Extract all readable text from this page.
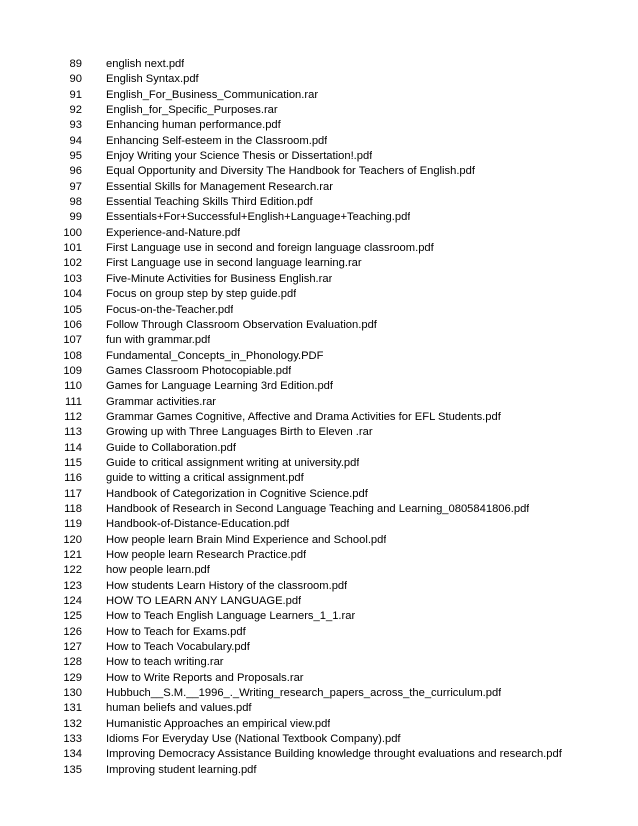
89 english next.pdf
90 English Syntax.pdf
91 English_For_Business_Communication.rar
92 English_for_Specific_Purposes.rar
93 Enhancing human performance.pdf
94 Enhancing Self-esteem in the Classroom.pdf
95 Enjoy Writing your Science Thesis or Dissertation!.pdf
96 Equal Opportunity and Diversity The Handbook for Teachers of English.pdf
97 Essential Skills for Management Research.rar
98 Essential Teaching Skills Third Edition.pdf
99 Essentials+For+Successful+English+Language+Teaching.pdf
100 Experience-and-Nature.pdf
101 First Language use in second and foreign language classroom.pdf
102 First Language use in second language learning.rar
103 Five-Minute Activities for Business English.rar
104 Focus on group step by step guide.pdf
105 Focus-on-the-Teacher.pdf
106 Follow Through Classroom Observation Evaluation.pdf
107 fun with grammar.pdf
108 Fundamental_Concepts_in_Phonology.PDF
109 Games Classroom Photocopiable.pdf
110 Games for Language Learning 3rd Edition.pdf
111 Grammar activities.rar
112 Grammar Games Cognitive, Affective and Drama Activities for EFL Students.pdf
113 Growing up with Three Languages Birth to Eleven .rar
114 Guide to Collaboration.pdf
115 Guide to critical assignment writing at university.pdf
116 guide to witting a critical assignment.pdf
117 Handbook of Categorization in Cognitive Science.pdf
118 Handbook of Research in Second Language Teaching and Learning_0805841806.pdf
119 Handbook-of-Distance-Education.pdf
120 How people learn Brain Mind Experience and School.pdf
121 How people learn Research Practice.pdf
122 how people learn.pdf
123 How students Learn History of the classroom.pdf
124 HOW TO LEARN ANY LANGUAGE.pdf
125 How to Teach English Language Learners_1_1.rar
126 How to Teach for Exams.pdf
127 How to Teach Vocabulary.pdf
128 How to teach writing.rar
129 How to Write Reports and Proposals.rar
130 Hubbuch__S.M.__1996_._Writing_research_papers_across_the_curriculum.pdf
131 human beliefs and values.pdf
132 Humanistic Approaches an empirical view.pdf
133 Idioms For Everyday Use (National Textbook Company).pdf
134 Improving Democracy Assistance Building knowledge throught evaluations and research.pdf
135 Improving student learning.pdf
